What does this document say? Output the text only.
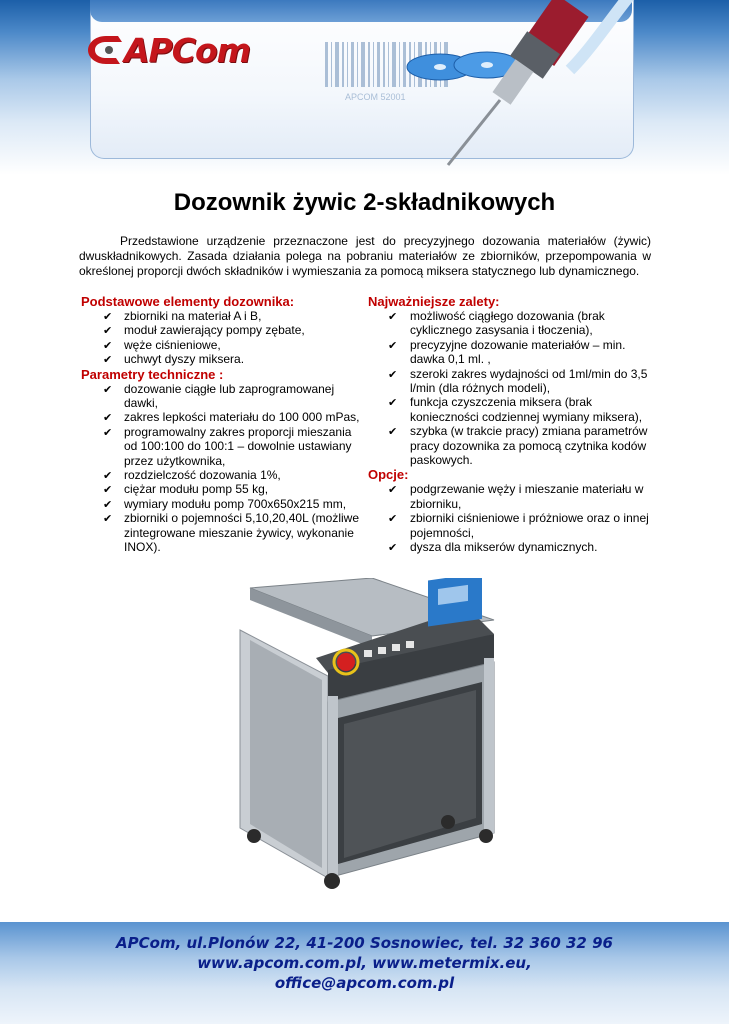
APCOM 52001
APCom
Dozownik żywic 2-składnikowych

Przedstawione urządzenie przeznaczone jest do precyzyjnego dozowania materiałów (żywic) dwuskładnikowych. Zasada działania polega na pobraniu materiałów ze zbiorników, przepompowania w określonej proporcji dwóch składników i wymieszania za pomocą miksera statycznego lub dynamicznego.

Podstawowe elementy dozownika:
✔ zbiorniki na materiał A i B,
✔ moduł zawierający pompy zębate,
✔ węże ciśnieniowe,
✔ uchwyt dyszy miksera.
Parametry techniczne :
✔ dozowanie ciągłe lub zaprogramowanej dawki,
✔ zakres lepkości materiału do 100 000 mPas,
✔ programowalny zakres proporcji mieszania od 100:100 do 100:1 – dowolnie ustawiany przez użytkownika,
✔ rozdzielczość dozowania 1%,
✔ ciężar modułu pomp 55 kg,
✔ wymiary modułu pomp 700x650x215 mm,
✔ zbiorniki o pojemności 5,10,20,40L (możliwe zintegrowane mieszanie żywicy, wykonanie INOX).
Najważniejsze zalety:
✔ możliwość ciągłego dozowania (brak cyklicznego zasysania i tłoczenia),
✔ precyzyjne dozowanie materiałów – min. dawka 0,1 ml. ,
✔ szeroki zakres wydajności od 1ml/min do 3,5 l/min (dla różnych modeli),
✔ funkcja czyszczenia miksera (brak konieczności codziennej wymiany miksera),
✔ szybka (w trakcie pracy) zmiana parametrów pracy dozownika za pomocą czytnika kodów paskowych.
Opcje:
✔ podgrzewanie węży i mieszanie materiału w zbiorniku,
✔ zbiorniki ciśnieniowe i próżniowe oraz o innej pojemności,
✔ dysza dla mikserów dynamicznych.
APCom, ul.Plonów 22, 41-200 Sosnowiec, tel. 32 360 32 96
www.apcom.com.pl, www.metermix.eu,
office@apcom.com.pl
